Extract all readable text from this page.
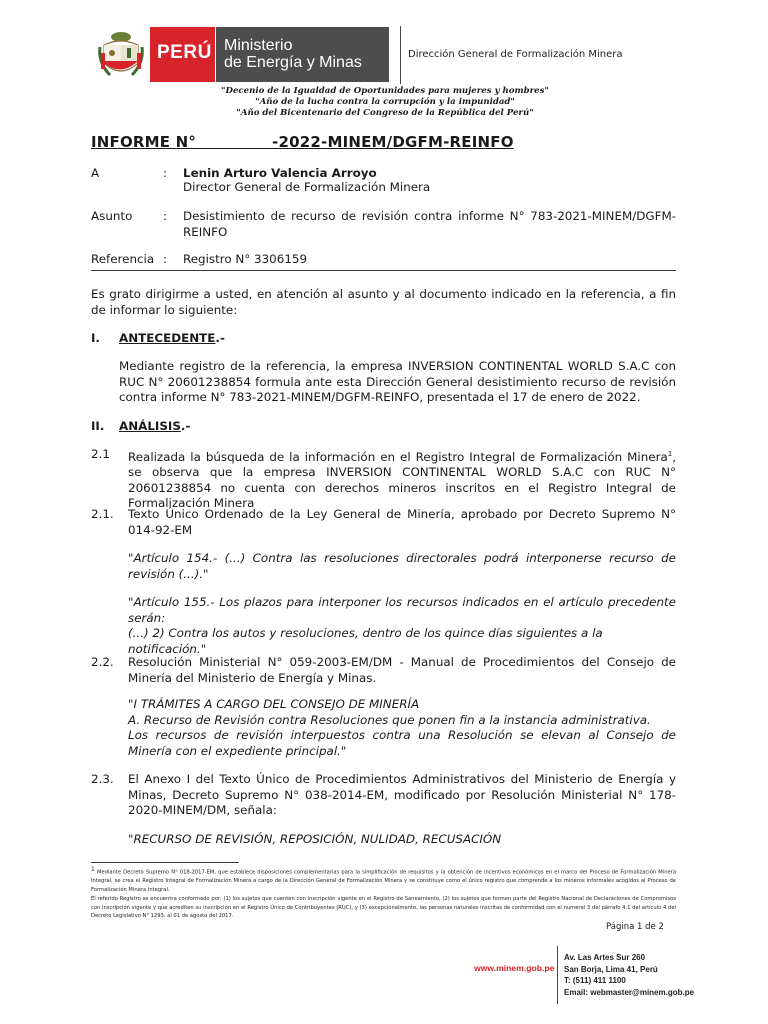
PERÚ Ministerio
de Energía y Minas	Dirección General de Formalización Minera
"Decenio de la Igualdad de Oportunidades para mujeres y hombres"
"Año de la lucha contra la corrupción y la impunidad"
"Año del Bicentenario del Congreso de la República del Perú"
INFORME N°              -2022-MINEM/DGFM-REINFO
A	: Lenin Arturo Valencia Arroyo
Director General de Formalización Minera
Asunto	: Desistimiento de recurso de revisión contra informe N° 783-2021-MINEM/DGFM-REINFO
Referencia : Registro N° 3306159
Es grato dirigirme a usted, en atención al asunto y al documento indicado en la referencia, a fin de informar lo siguiente:
I. ANTECEDENTE.-
Mediante registro de la referencia, la empresa INVERSION CONTINENTAL WORLD S.A.C con RUC N° 20601238854 formula ante esta Dirección General desistimiento recurso de revisión contra informe N° 783-2021-MINEM/DGFM-REINFO, presentada el 17 de enero de 2022.
II. ANÁLISIS.-
2.1 Realizada la búsqueda de la información en el Registro Integral de Formalización Minera$^1$, se observa que la empresa INVERSION CONTINENTAL WORLD S.A.C con RUC N° 20601238854 no cuenta con derechos mineros inscritos en el Registro Integral de Formalización Minera
2.1. Texto Único Ordenado de la Ley General de Minería, aprobado por Decreto Supremo N° 014-92-EM
"Artículo 154.- (...) Contra las resoluciones directorales podrá interponerse recurso de revisión (...)."
"Artículo 155.- Los plazos para interponer los recursos indicados en el artículo precedente serán:
(...) 2) Contra los autos y resoluciones, dentro de los quince días siguientes a la notificación."
2.2. Resolución Ministerial N° 059-2003-EM/DM - Manual de Procedimientos del Consejo de Minería del Ministerio de Energía y Minas.
"I TRÁMITES A CARGO DEL CONSEJO DE MINERÍA
A. Recurso de Revisión contra Resoluciones que ponen fin a la instancia administrativa.
Los recursos de revisión interpuestos contra una Resolución se elevan al Consejo de Minería con el expediente principal."
2.3. El Anexo I del Texto Único de Procedimientos Administrativos del Ministerio de Energía y Minas, Decreto Supremo N° 038-2014-EM, modificado por Resolución Ministerial N° 178-2020-MINEM/DM, señala:
"RECURSO DE REVISIÓN, REPOSICIÓN, NULIDAD, RECUSACIÓN
$^1$ Mediante Decreto Supremo N° 018-2017-EM, que establece disposiciones complementarias para la simplificación de requisitos y la obtención de incentivos económicos en el marco del Proceso de Formalización Minera Integral, se crea el Registro Integral de Formalización Minera a cargo de la Dirección General de Formalización Minera y se constituye como el único registro que comprende a los mineros informales acogidos al Proceso de Formalización Minera Integral.
El referido Registro se encuentra conformado por: (1) los sujetos que cuenten con inscripción vigente en el Registro de Saneamiento, (2) los sujetos que formen parte del Registro Nacional de Declaraciones de Compromisos con inscripción vigente y que acrediten su inscripción en el Registro Único de Contribuyentes (RUC), y (3) excepcionalmente, las personas naturales inscritas de conformidad con el numeral 3 del párrafo 4.1 del artículo 4 del Decreto Legislativo N° 1293, al 01 de agosto del 2017.
Página 1 de 2
www.minem.gob.pe
Av. Las Artes Sur 260
San Borja, Lima 41, Perú
T: (511) 411 1100
Email: webmaster@minem.gob.pe
